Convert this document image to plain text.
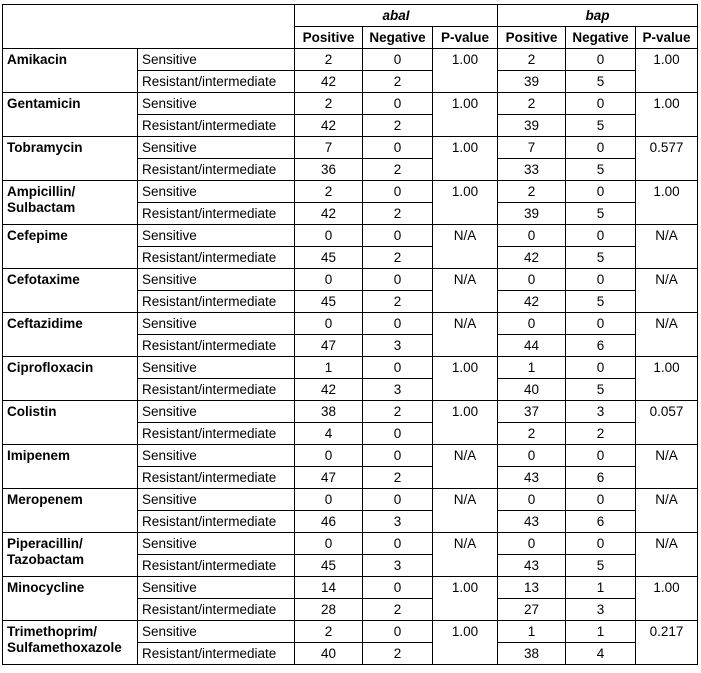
		abaI			bap		
		Positive	Negative	P-value	Positive	Negative	P-value
Amikacin	Sensitive	2	0	1.00	2	0	1.00
	Resistant/intermediate	42	2		39	5	
Gentamicin	Sensitive	2	0	1.00	2	0	1.00
	Resistant/intermediate	42	2		39	5	
Tobramycin	Sensitive	7	0	1.00	7	0	0.577
	Resistant/intermediate	36	2		33	5	
Ampicillin/ Sulbactam	Sensitive	2	0	1.00	2	0	1.00
	Resistant/intermediate	42	2		39	5	
Cefepime	Sensitive	0	0	N/A	0	0	N/A
	Resistant/intermediate	45	2		42	5	
Cefotaxime	Sensitive	0	0	N/A	0	0	N/A
	Resistant/intermediate	45	2		42	5	
Ceftazidime	Sensitive	0	0	N/A	0	0	N/A
	Resistant/intermediate	47	3		44	6	
Ciprofloxacin	Sensitive	1	0	1.00	1	0	1.00
	Resistant/intermediate	42	3		40	5	
Colistin	Sensitive	38	2	1.00	37	3	0.057
	Resistant/intermediate	4	0		2	2	
Imipenem	Sensitive	0	0	N/A	0	0	N/A
	Resistant/intermediate	47	2		43	6	
Meropenem	Sensitive	0	0	N/A	0	0	N/A
	Resistant/intermediate	46	3		43	6	
Piperacillin/ Tazobactam	Sensitive	0	0	N/A	0	0	N/A
	Resistant/intermediate	45	3		43	5	
Minocycline	Sensitive	14	0	1.00	13	1	1.00
	Resistant/intermediate	28	2		27	3	
Trimethoprim/ Sulfamethoxazole	Sensitive	2	0	1.00	1	1	0.217
	Resistant/intermediate	40	2		38	4	
